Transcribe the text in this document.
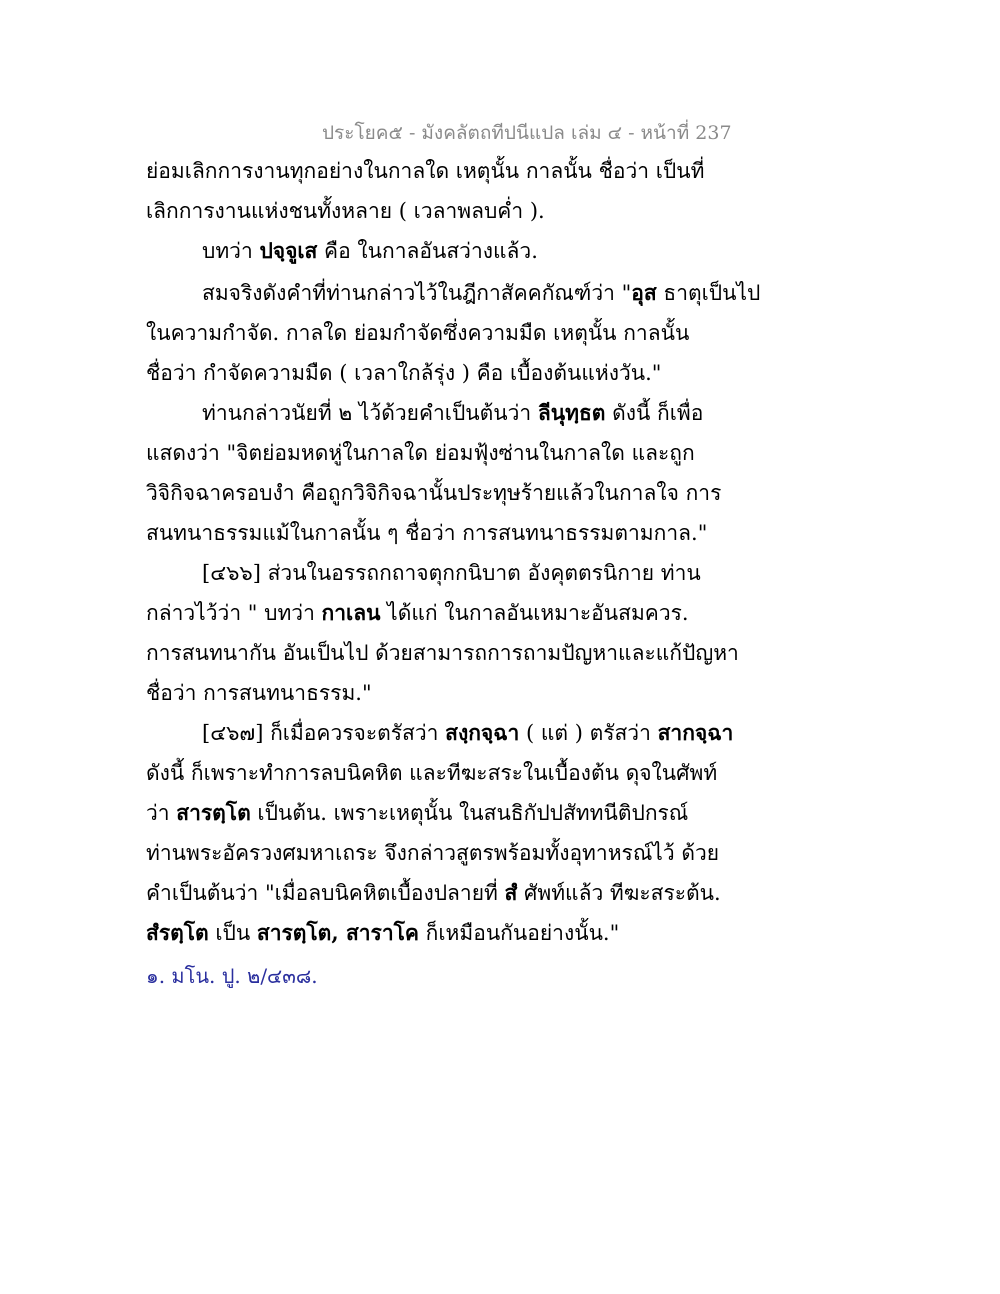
ประโยค๕ - มังคลัตถทีปนีแปล เล่ม ๔ - หน้าที่ 237
ย่อมเลิกการงานทุกอย่างในกาลใด เหตุนั้น กาลนั้น ชื่อว่า เป็นที่
เลิกการงานแห่งชนทั้งหลาย ( เวลาพลบค่ำ ).
บทว่า ปจฺจูเส คือ ในกาลอันสว่างแล้ว.
สมจริงดังคำที่ท่านกล่าวไว้ในฎีกาสัคคกัณฑ์ว่า "อุส ธาตุเป็นไป
ในความกำจัด. กาลใด ย่อมกำจัดซึ่งความมืด เหตุนั้น กาลนั้น
ชื่อว่า กำจัดความมืด ( เวลาใกล้รุ่ง ) คือ เบื้องต้นแห่งวัน."
ท่านกล่าวนัยที่ ๒ ไว้ด้วยคำเป็นต้นว่า ลีนุทฺธต ดังนี้ ก็เพื่อ
แสดงว่า "จิตย่อมหดหู่ในกาลใด ย่อมฟุ้งซ่านในกาลใด และถูก
วิจิกิจฉาครอบงำ คือถูกวิจิกิจฉานั้นประทุษร้ายแล้วในกาลใจ การ
สนทนาธรรมแม้ในกาลนั้น ๆ ชื่อว่า การสนทนาธรรมตามกาล."
[๔๖๖] ส่วนในอรรถกถาจตุกกนิบาต อังคุตตรนิกาย ท่าน
กล่าวไว้ว่า " บทว่า กาเลน ได้แก่ ในกาลอันเหมาะอันสมควร.
การสนทนากัน อันเป็นไป ด้วยสามารถการถามปัญหาและแก้ปัญหา
ชื่อว่า การสนทนาธรรม."
[๔๖๗] ก็เมื่อควรจะตรัสว่า สงฺกจฺฉา ( แต่ ) ตรัสว่า สากจฺฉา
ดังนี้ ก็เพราะทำการลบนิคหิต และทีฆะสระในเบื้องต้น ดุจในศัพท์
ว่า สารตฺโต เป็นต้น. เพราะเหตุนั้น ในสนธิกัปปสัททนีติปกรณ์
ท่านพระอัครวงศมหาเถระ จึงกล่าวสูตรพร้อมทั้งอุทาหรณ์ไว้ ด้วย
คำเป็นต้นว่า "เมื่อลบนิคหิตเบื้องปลายที่ สํ ศัพท์แล้ว ทีฆะสระต้น.
สํรตฺโต เป็น สารตฺโต, สาราโค ก็เหมือนกันอย่างนั้น."
๑. มโน. ปู. ๒/๔๓๘.
